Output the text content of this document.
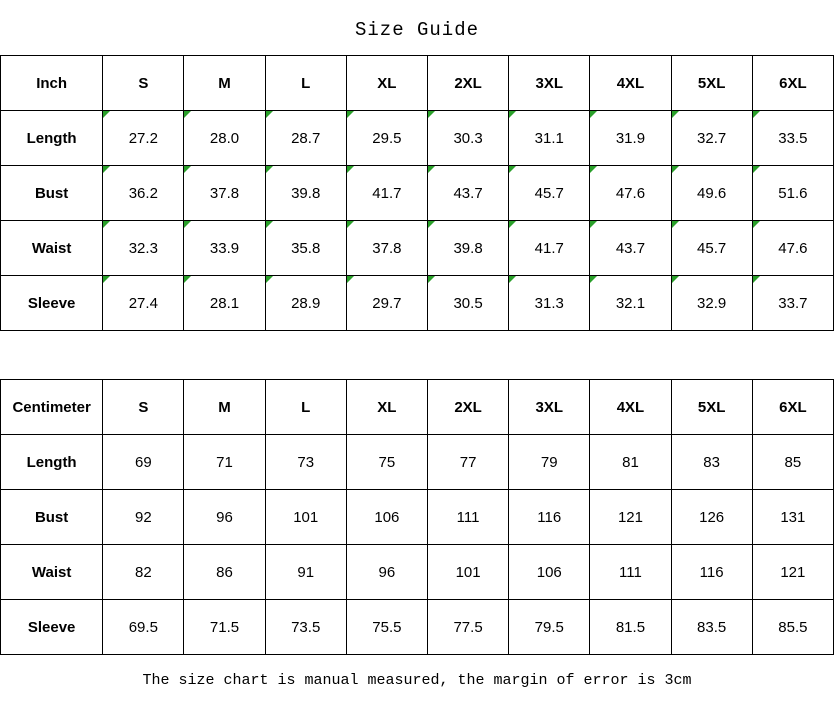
Size Guide
Inch	S	M	L	XL	2XL	3XL	4XL	5XL	6XL
Length	27.2	28.0	28.7	29.5	30.3	31.1	31.9	32.7	33.5
Bust	36.2	37.8	39.8	41.7	43.7	45.7	47.6	49.6	51.6
Waist	32.3	33.9	35.8	37.8	39.8	41.7	43.7	45.7	47.6
Sleeve	27.4	28.1	28.9	29.7	30.5	31.3	32.1	32.9	33.7
Centimeter	S	M	L	XL	2XL	3XL	4XL	5XL	6XL
Length	69	71	73	75	77	79	81	83	85
Bust	92	96	101	106	111	116	121	126	131
Waist	82	86	91	96	101	106	111	116	121
Sleeve	69.5	71.5	73.5	75.5	77.5	79.5	81.5	83.5	85.5
The size chart is manual measured, the margin of error is 3cm
